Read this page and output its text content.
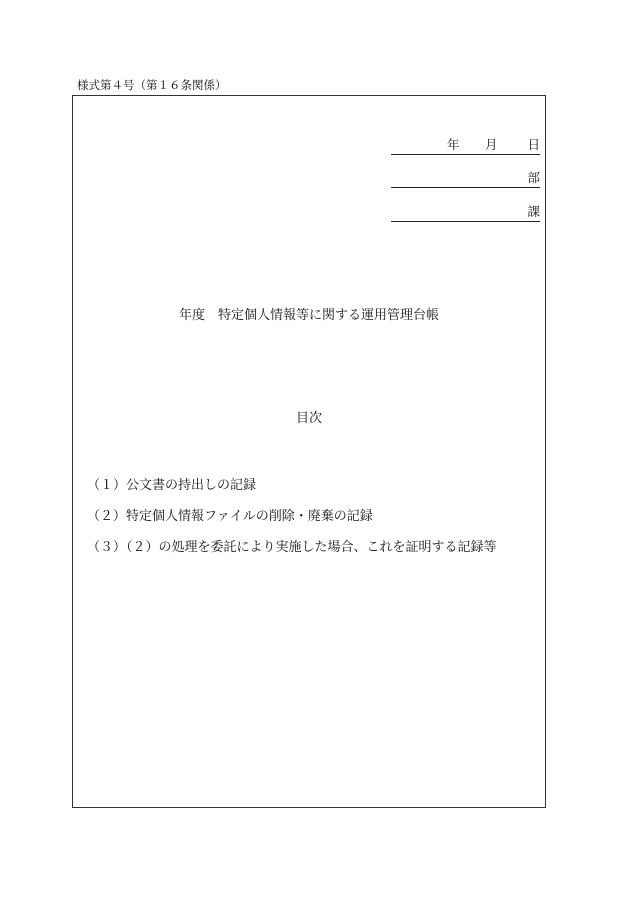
様式第４号（第１６条関係）
年 月 日
部
課
年度　特定個人情報等に関する運用管理台帳
目次
（１）公文書の持出しの記録
（２）特定個人情報ファイルの削除・廃棄の記録
（３）（２）の処理を委託により実施した場合、これを証明する記録等
